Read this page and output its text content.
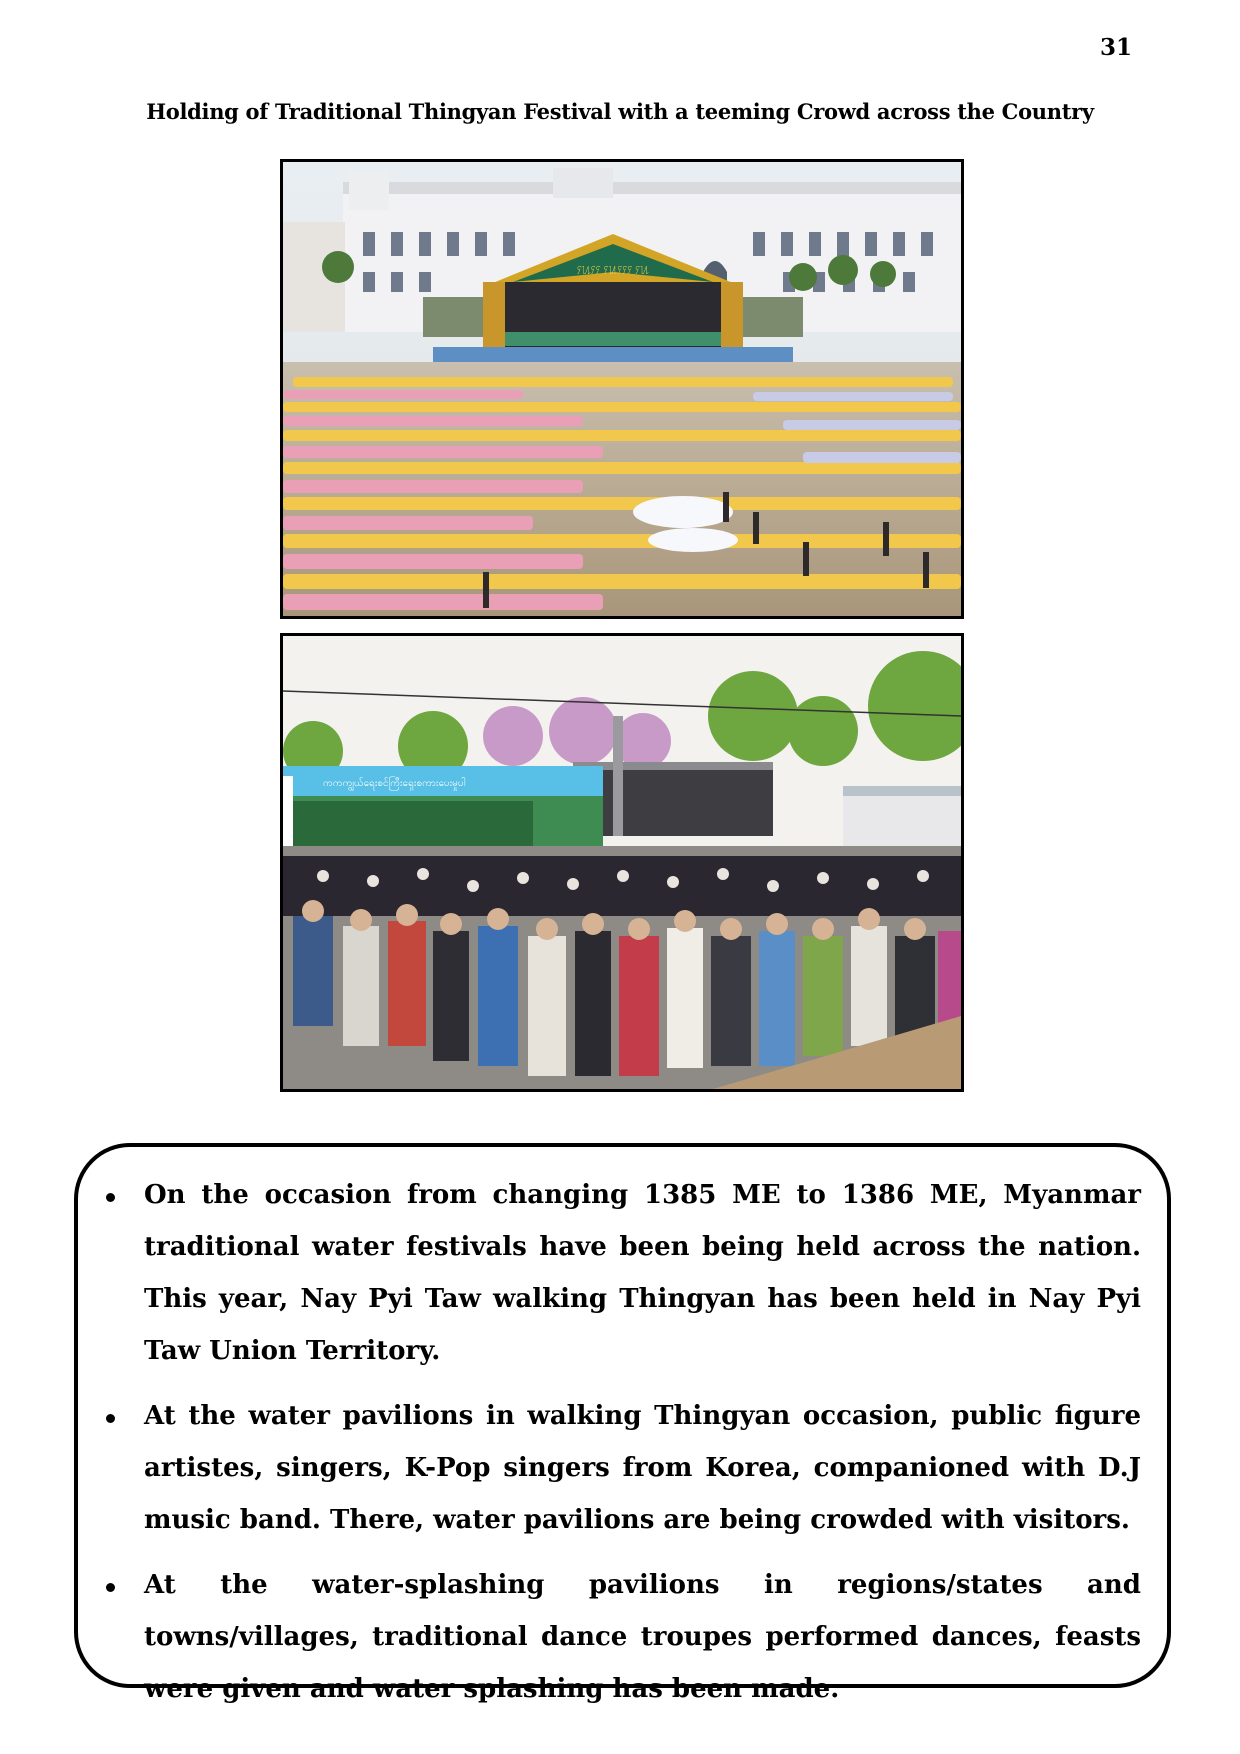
31
Holding of Traditional Thingyan Festival with a teeming Crowd across the Country
ႁႃ႔ႁႁ ႁႃ႔ႁႁႁ ႁႃ႔
ကကကျွယ်ရေးစင်ကြီးရှေးစကားပေးမှုပါ
On the occasion from changing 1385 ME to 1386 ME, Myanmar traditional water festivals have been being held across the nation. This year, Nay Pyi Taw walking Thingyan has been held in Nay Pyi Taw Union Territory.
At the water pavilions in walking Thingyan occasion, public figure artistes, singers, K-Pop singers from Korea, companioned with D.J music band. There, water pavilions are being crowded with visitors.
At the water-splashing pavilions in regions/states and towns/villages, traditional dance troupes performed dances, feasts were given and water splashing has been made.
